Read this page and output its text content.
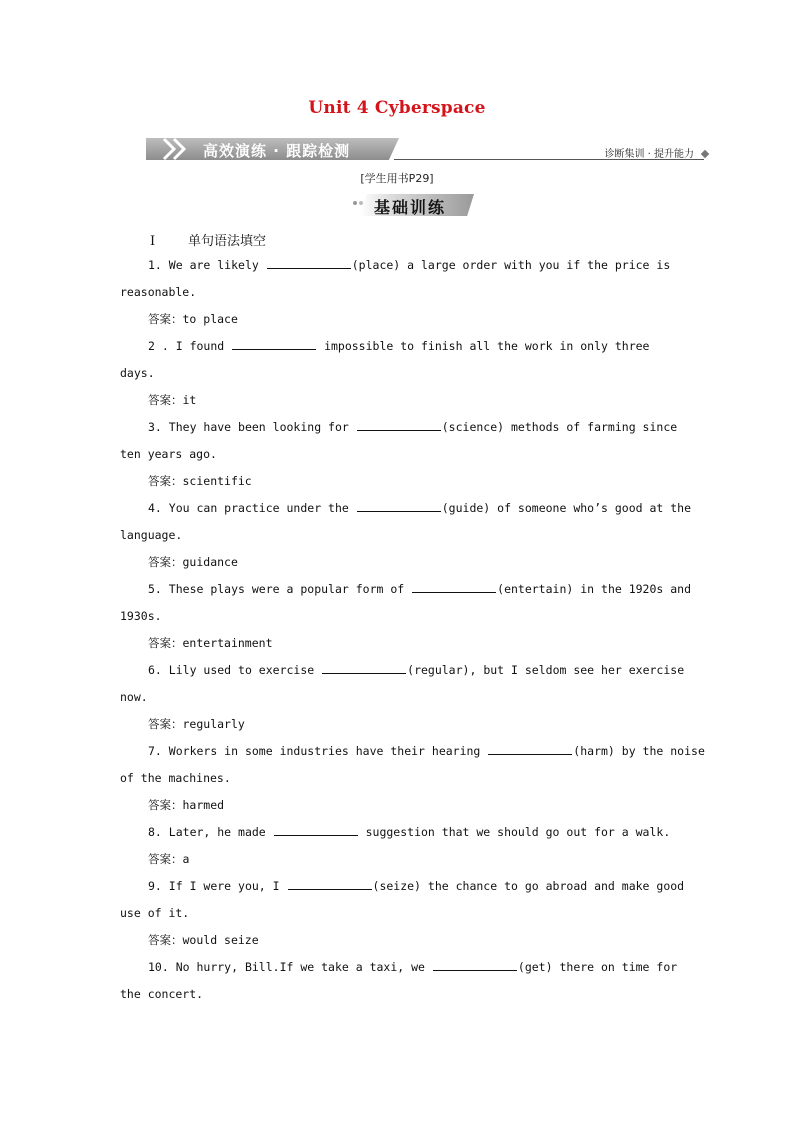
Unit 4 Cyberspace
高效演练 · 跟踪检测	诊断集训 · 提升能力
[学生用书P29]
基础训练
Ⅰ	单句语法填空
1. We are likely	(place) a large order with you if the price is
reasonable.
答案：to place
2 . I found	impossible to finish all the work in only three
days.
答案：it
3. They have been looking for	(science) methods of farming since
ten years ago.
答案：scientific
4. You can practice under the	(guide) of someone who’s good at the
language.
答案：guidance
5. These plays were a popular form of	(entertain) in the 1920s and
1930s.
答案：entertainment
6. Lily used to exercise	(regular), but I seldom see her exercise
now.
答案：regularly
7. Workers in some industries have their hearing	(harm) by the noise
of the machines.
答案：harmed
8. Later, he made	suggestion that we should go out for a walk.
答案：a
9. If I were you, I	(seize) the chance to go abroad and make good
use of it.
答案：would seize
10. No hurry, Bill.If we take a taxi, we	(get) there on time for
the concert.
